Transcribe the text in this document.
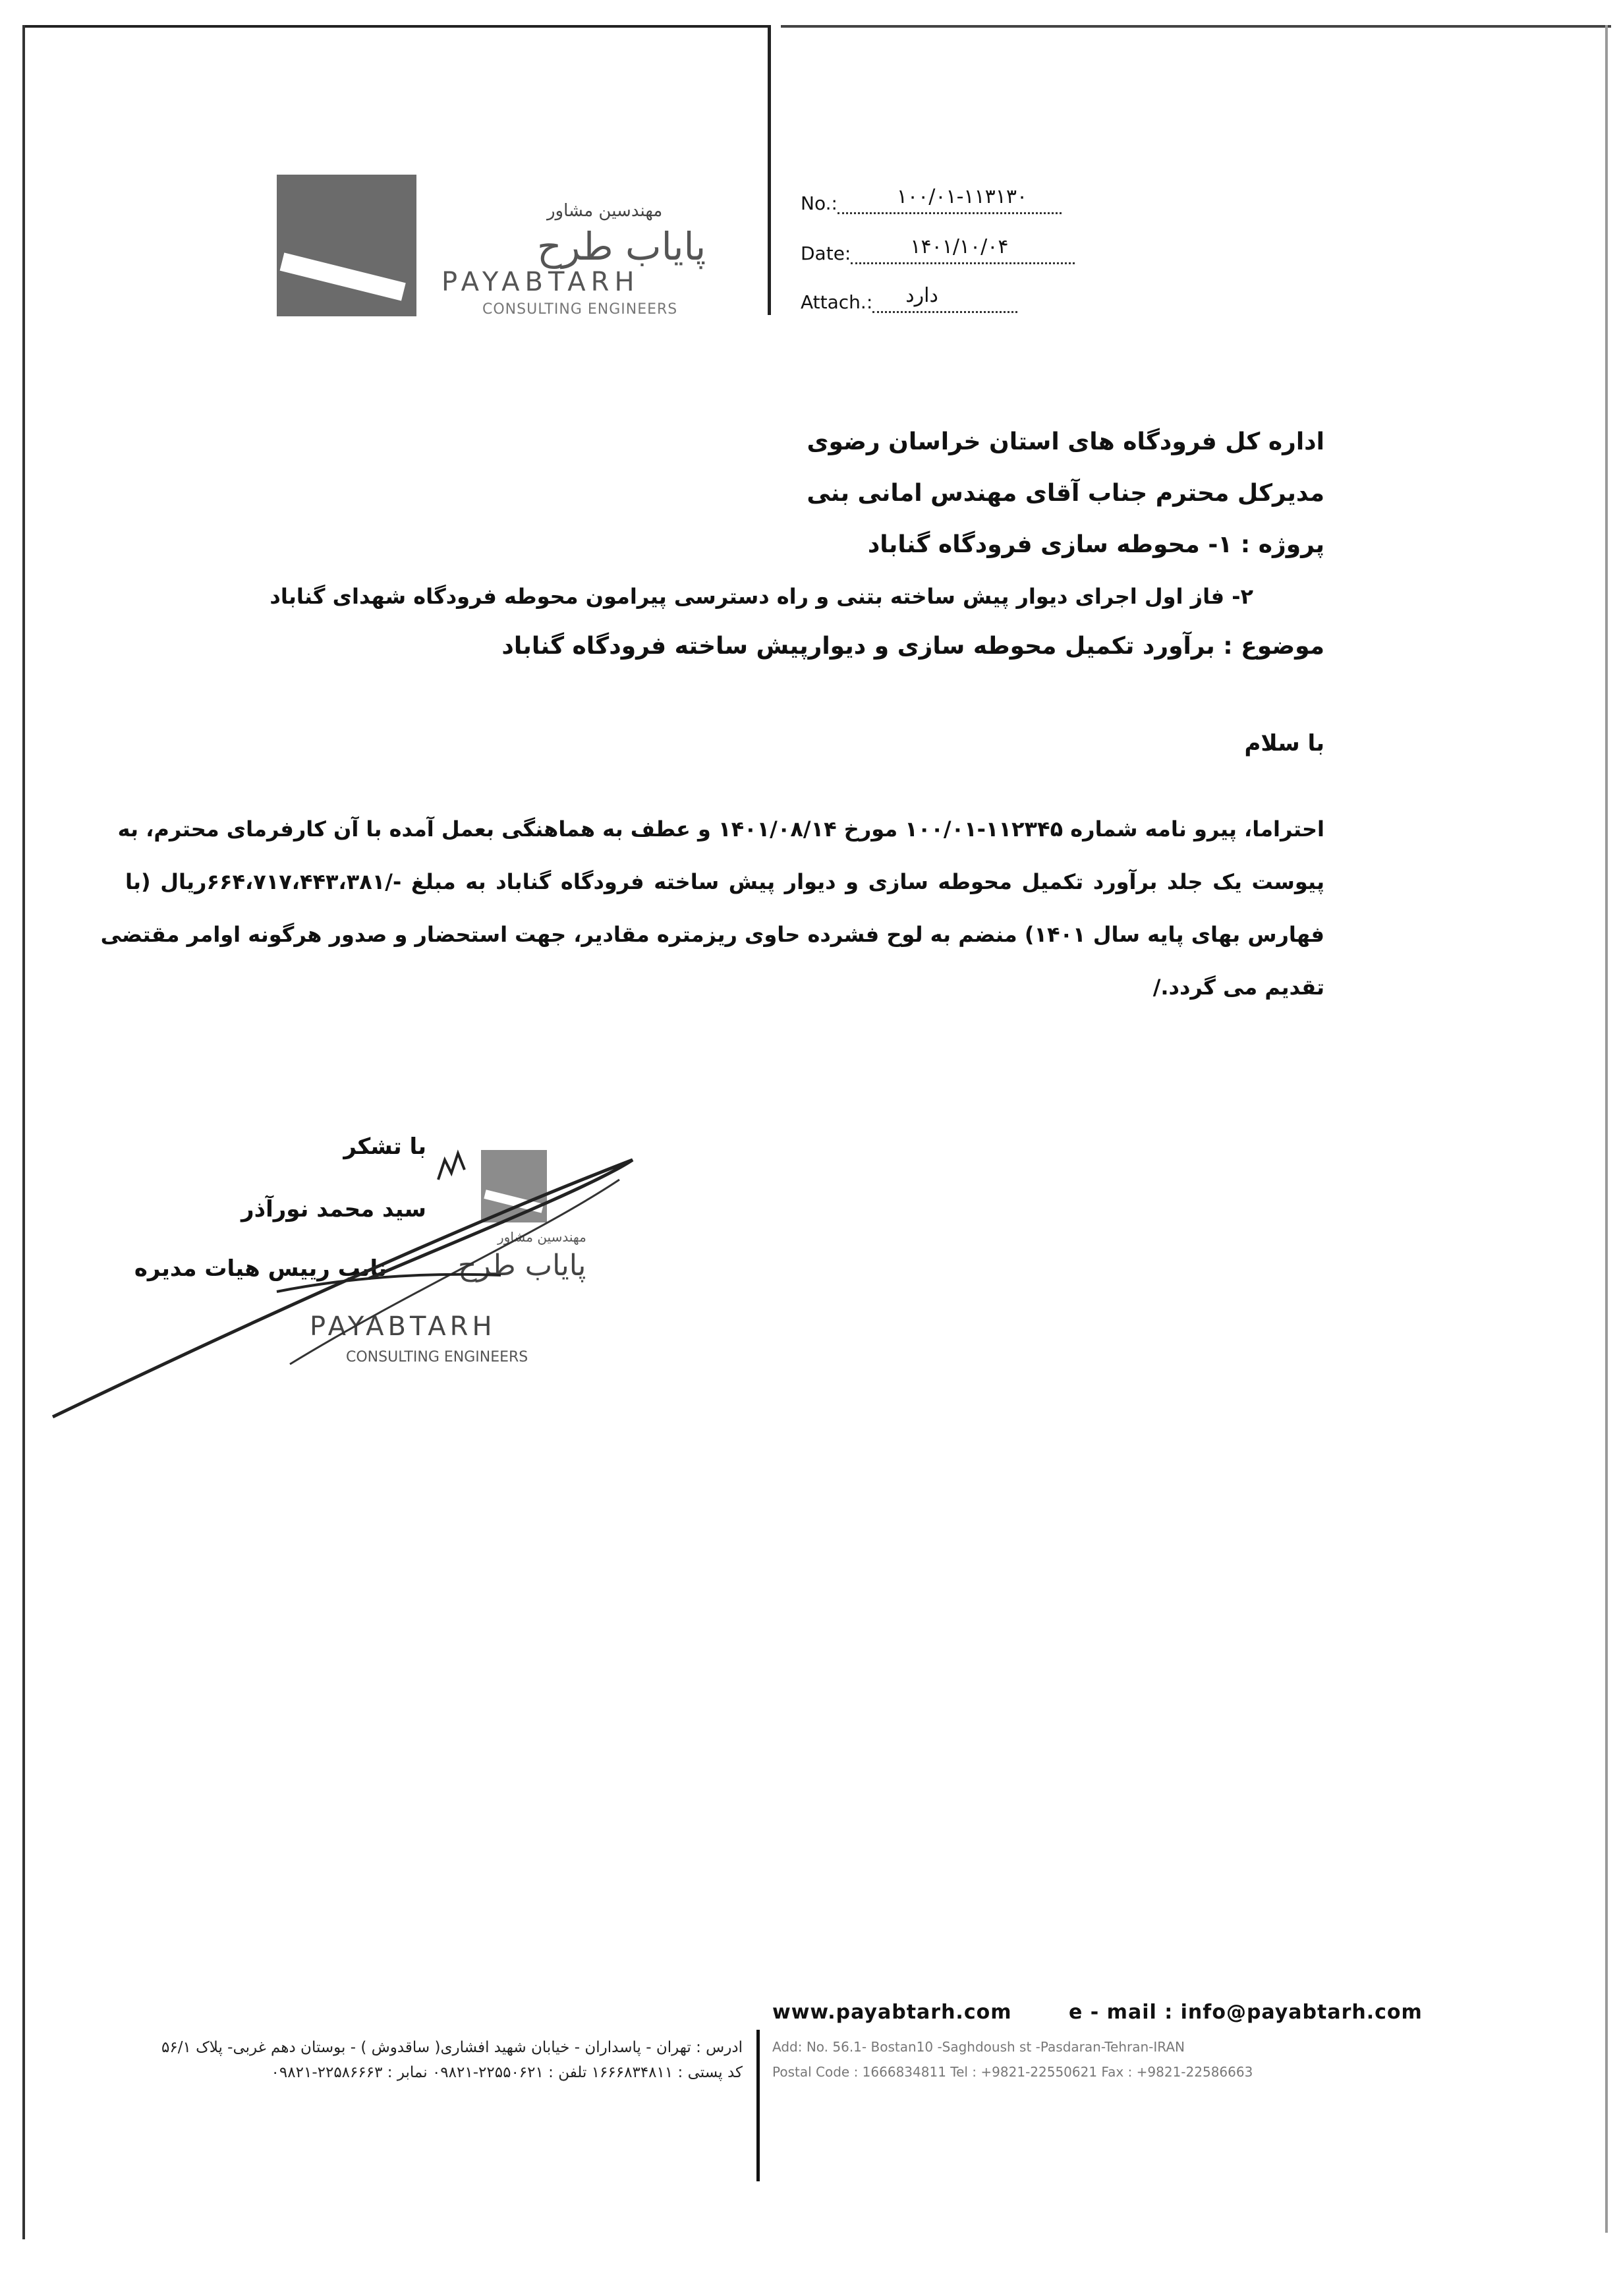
مهندسین مشاور
پایاب طرح
PAYABTARH
CONSULTING ENGINEERS
No.:	۱۰۰/۰۱-۱۱۳۱۳۰
Date:	۱۴۰۱/۱۰/۰۴
Attach.: دارد
اداره کل فرودگاه های استان خراسان رضوی
مدیرکل محترم جناب آقای مهندس امانی بنی
پروژه : ۱- محوطه سازی فرودگاه گناباد
۲- فاز اول اجرای دیوار پیش ساخته بتنی و راه دسترسی پیرامون محوطه فرودگاه شهدای گناباد
موضوع : برآورد تکمیل محوطه سازی و دیوارپیش ساخته فرودگاه گناباد
با سلام
احتراما، پیرو نامه شماره ۱۱۲۳۴۵-۱۰۰/۰۱ مورخ ۱۴۰۱/۰۸/۱۴ و عطف به هماهنگی بعمل آمده با آن کارفرمای محترم، به
پیوست یک جلد برآورد تکمیل محوطه سازی و دیوار پیش ساخته فرودگاه گناباد به مبلغ -/۶۶۴،۷۱۷،۴۴۳،۳۸۱ریال (با
فهارس بهای پایه سال ۱۴۰۱) منضم به لوح فشرده حاوی ریزمتره مقادیر، جهت استحضار و صدور هرگونه اوامر مقتضی
تقدیم می گردد./
با تشکر
پایاب طرح
PAYABTARH
CONSULTING ENGINEERS
مهندسین مشاور
سید محمد نورآذر
نایب رییس هیات مدیره
www.payabtarh.com	e - mail : info@payabtarh.com
ادرس : تهران - پاسداران - خیابان شهید افشاری( ساقدوش ) - بوستان دهم غربی- پلاک ۵۶/۱
کد پستی : ۱۶۶۶۸۳۴۸۱۱ تلفن : ۲۲۵۵۰۶۲۱-۰۹۸۲۱ نمابر : ۲۲۵۸۶۶۶۳-۰۹۸۲۱
Add: No. 56.1- Bostan10 -Saghdoush st -Pasdaran-Tehran-IRAN
Postal Code : 1666834811 Tel : +9821-22550621 Fax : +9821-22586663
